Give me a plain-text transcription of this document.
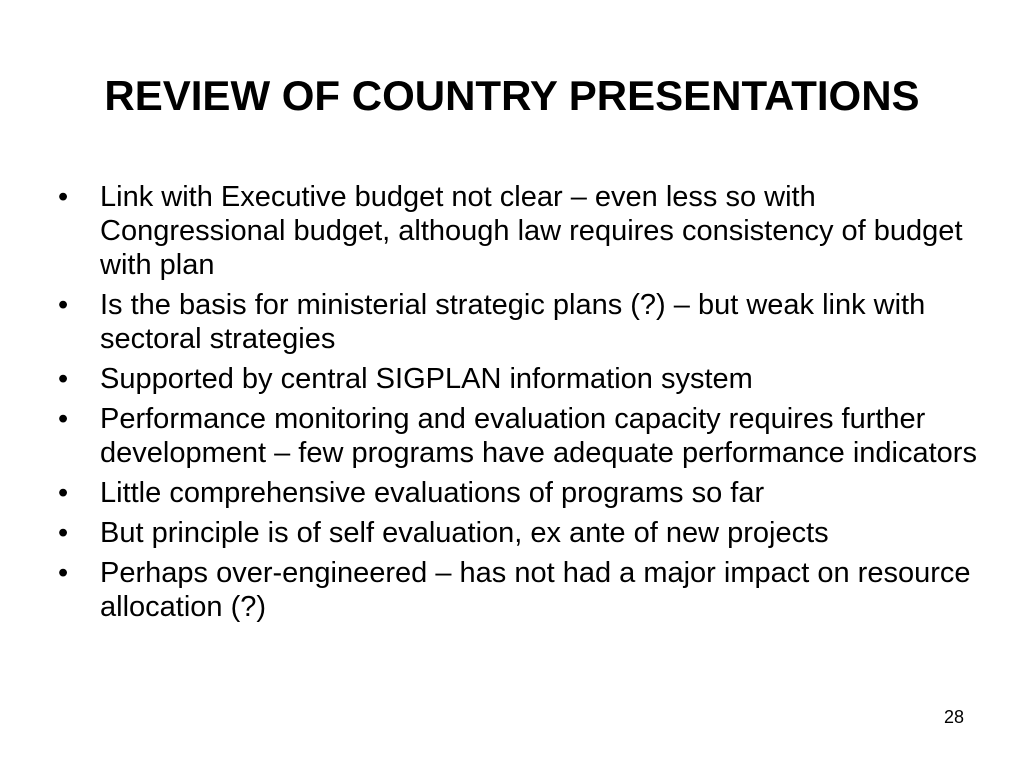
REVIEW OF COUNTRY PRESENTATIONS
•	Link with Executive budget not clear – even less so with Congressional budget, although law requires consistency of budget with plan
•	Is the basis for ministerial strategic plans (?) – but weak link with sectoral strategies
•	Supported by central SIGPLAN information system
•	Performance monitoring and evaluation capacity requires further development – few programs have adequate performance indicators
•	Little comprehensive evaluations of programs so far
•	But principle is of self evaluation, ex ante of new projects
•	Perhaps over-engineered – has not had a major impact on resource allocation (?)
28
